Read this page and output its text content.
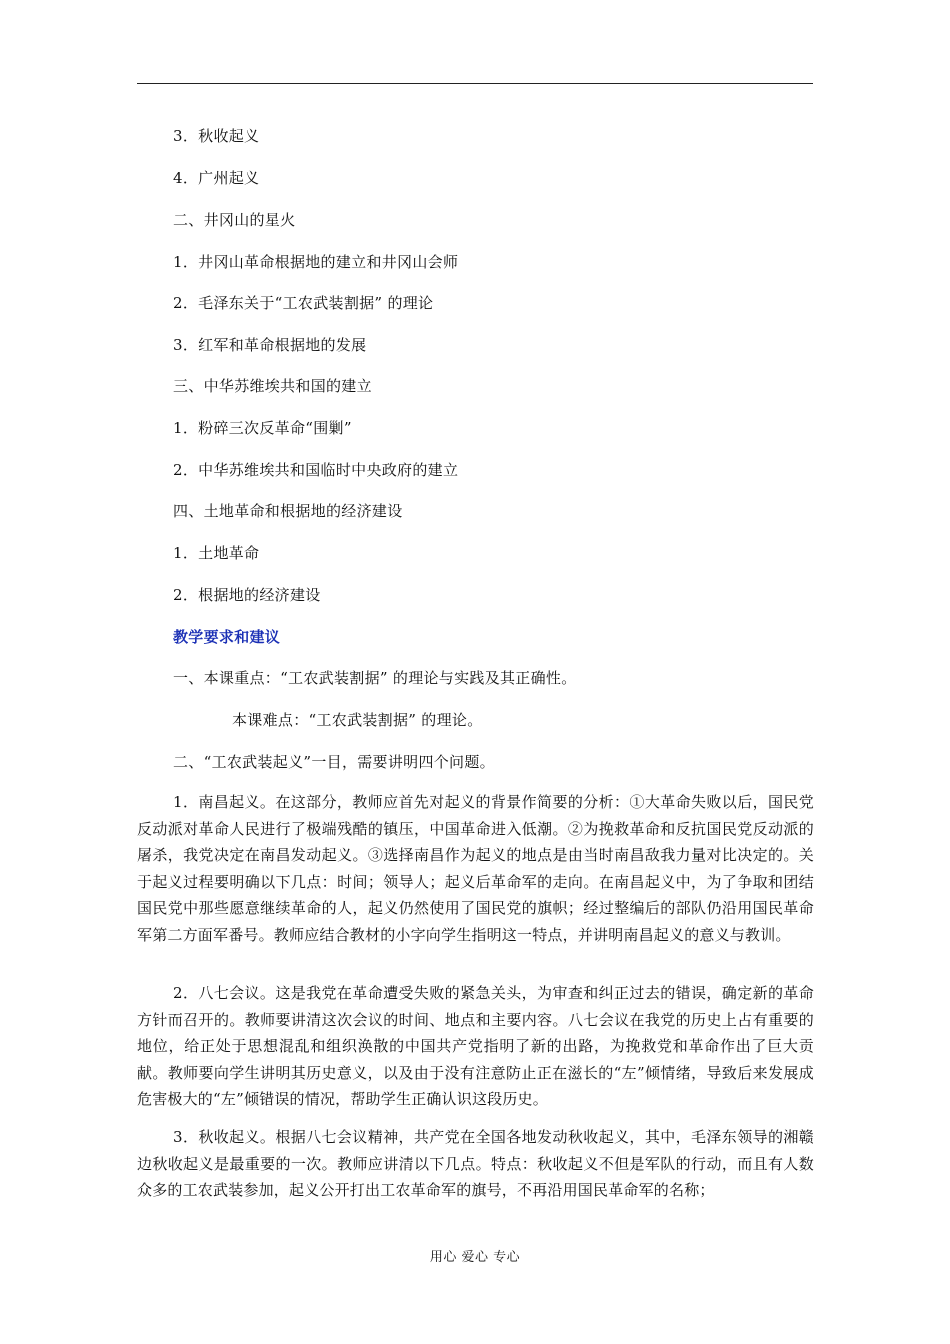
3．秋收起义
4．广州起义
二、井冈山的星火
1．井冈山革命根据地的建立和井冈山会师
2．毛泽东关于“工农武装割据” 的理论
3．红军和革命根据地的发展
三、中华苏维埃共和国的建立
1．粉碎三次反革命“围剿”
2．中华苏维埃共和国临时中央政府的建立
四、土地革命和根据地的经济建设
1．土地革命
2．根据地的经济建设
教学要求和建议
一、本课重点：“工农武装割据” 的理论与实践及其正确性。
本课难点：“工农武装割据” 的理论。
二、“工农武装起义”一目，需要讲明四个问题。
1．南昌起义。在这部分，教师应首先对起义的背景作简要的分析：①大革命失败以后，国民党反动派对革命人民进行了极端残酷的镇压，中国革命进入低潮。②为挽救革命和反抗国民党反动派的屠杀，我党决定在南昌发动起义。③选择南昌作为起义的地点是由当时南昌敌我力量对比决定的。关于起义过程要明确以下几点：时间；领导人；起义后革命军的走向。在南昌起义中，为了争取和团结国民党中那些愿意继续革命的人，起义仍然使用了国民党的旗帜；经过整编后的部队仍沿用国民革命军第二方面军番号。教师应结合教材的小字向学生指明这一特点，并讲明南昌起义的意义与教训。
2．八七会议。这是我党在革命遭受失败的紧急关头，为审查和纠正过去的错误，确定新的革命方针而召开的。教师要讲清这次会议的时间、地点和主要内容。八七会议在我党的历史上占有重要的地位，给正处于思想混乱和组织涣散的中国共产党指明了新的出路，为挽救党和革命作出了巨大贡献。教师要向学生讲明其历史意义，以及由于没有注意防止正在滋长的“左”倾情绪，导致后来发展成危害极大的“左”倾错误的情况，帮助学生正确认识这段历史。
3．秋收起义。根据八七会议精神，共产党在全国各地发动秋收起义，其中，毛泽东领导的湘赣边秋收起义是最重要的一次。教师应讲清以下几点。特点：秋收起义不但是军队的行动，而且有人数众多的工农武装参加，起义公开打出工农革命军的旗号，不再沿用国民革命军的名称；
用心 爱心 专心
